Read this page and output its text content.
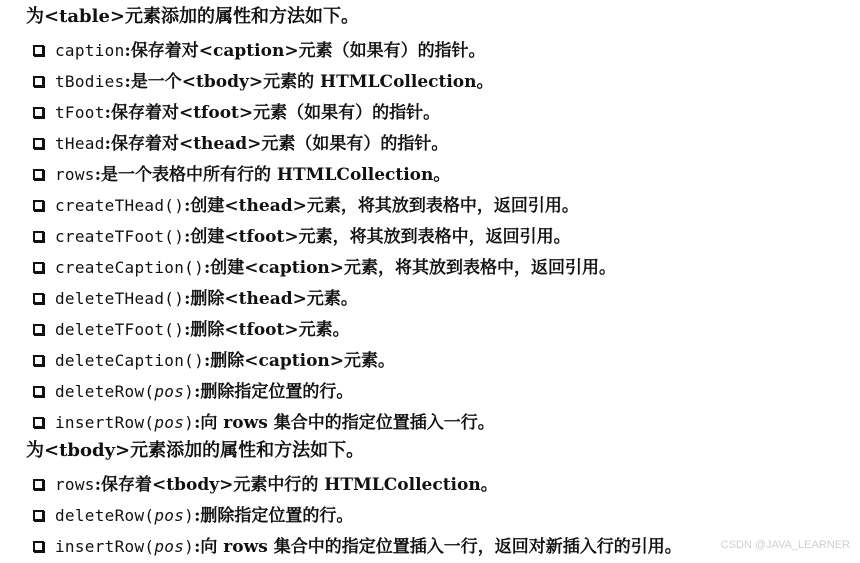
为<table>元素添加的属性和方法如下。
caption : 保存着对<caption>元素（如果有）的指针。
tBodies : 是一个<tbody>元素的 HTMLCollection。
tFoot : 保存着对<tfoot>元素（如果有）的指针。
tHead : 保存着对<thead>元素（如果有）的指针。
rows : 是一个表格中所有行的 HTMLCollection。
createTHead( ) : 创建<thead>元素，将其放到表格中，返回引用。
createTFoot( ) : 创建<tfoot>元素，将其放到表格中，返回引用。
createCaption( ) : 创建<caption>元素，将其放到表格中，返回引用。
deleteTHead( ) : 删除<thead>元素。
deleteTFoot( ) : 删除<tfoot>元素。
deleteCaption( ) : 删除<caption>元素。
deleteRow( pos ) : 删除指定位置的行。
insertRow( pos ) : 向 rows 集合中的指定位置插入一行。
为<tbody>元素添加的属性和方法如下。
rows : 保存着<tbody>元素中行的 HTMLCollection。
deleteRow( pos ) : 删除指定位置的行。
insertRow( pos ) : 向 rows 集合中的指定位置插入一行，返回对新插入行的引用。	CSDN @JAVA_LEARNER
